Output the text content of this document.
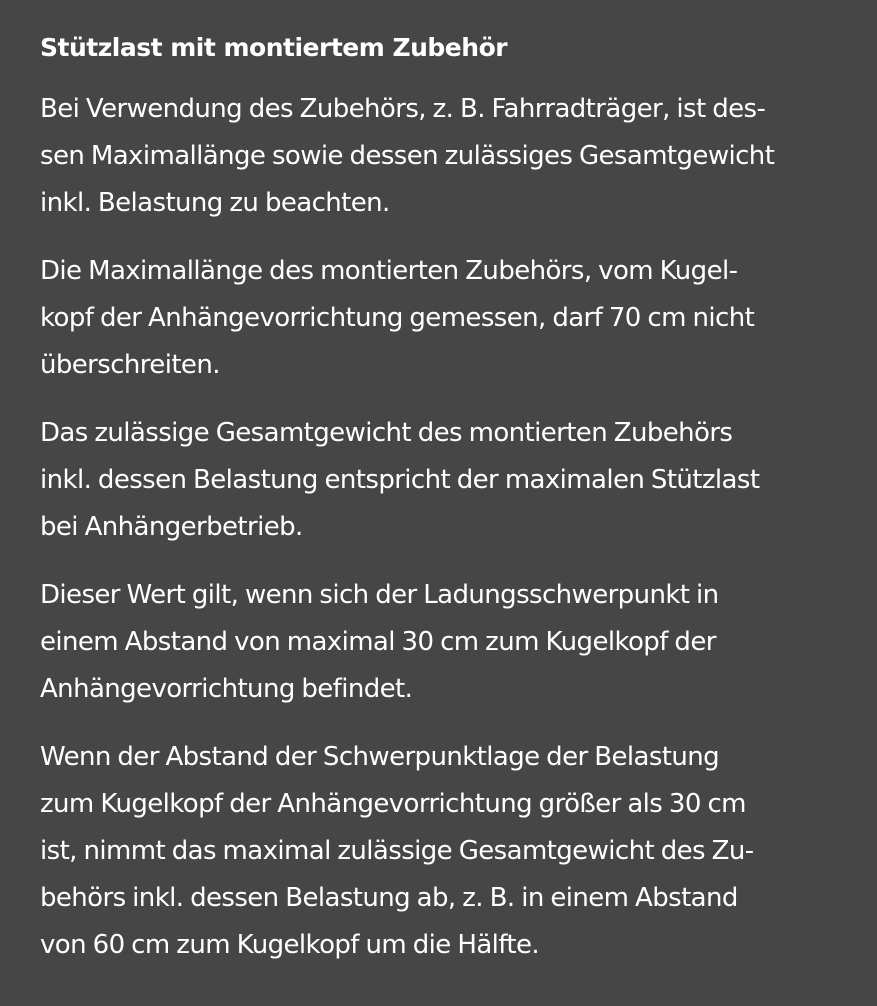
Stützlast mit montiertem Zubehör

Bei Verwendung des Zubehörs, z. B. Fahrradträger, ist des-
sen Maximallänge sowie dessen zulässiges Gesamtgewicht
inkl. Belastung zu beachten.

Die Maximallänge des montierten Zubehörs, vom Kugel-
kopf der Anhängevorrichtung gemessen, darf 70 cm nicht
überschreiten.

Das zulässige Gesamtgewicht des montierten Zubehörs
inkl. dessen Belastung entspricht der maximalen Stützlast
bei Anhängerbetrieb.

Dieser Wert gilt, wenn sich der Ladungsschwerpunkt in
einem Abstand von maximal 30 cm zum Kugelkopf der
Anhängevorrichtung befindet.

Wenn der Abstand der Schwerpunktlage der Belastung
zum Kugelkopf der Anhängevorrichtung größer als 30 cm
ist, nimmt das maximal zulässige Gesamtgewicht des Zu-
behörs inkl. dessen Belastung ab, z. B. in einem Abstand
von 60 cm zum Kugelkopf um die Hälfte.
